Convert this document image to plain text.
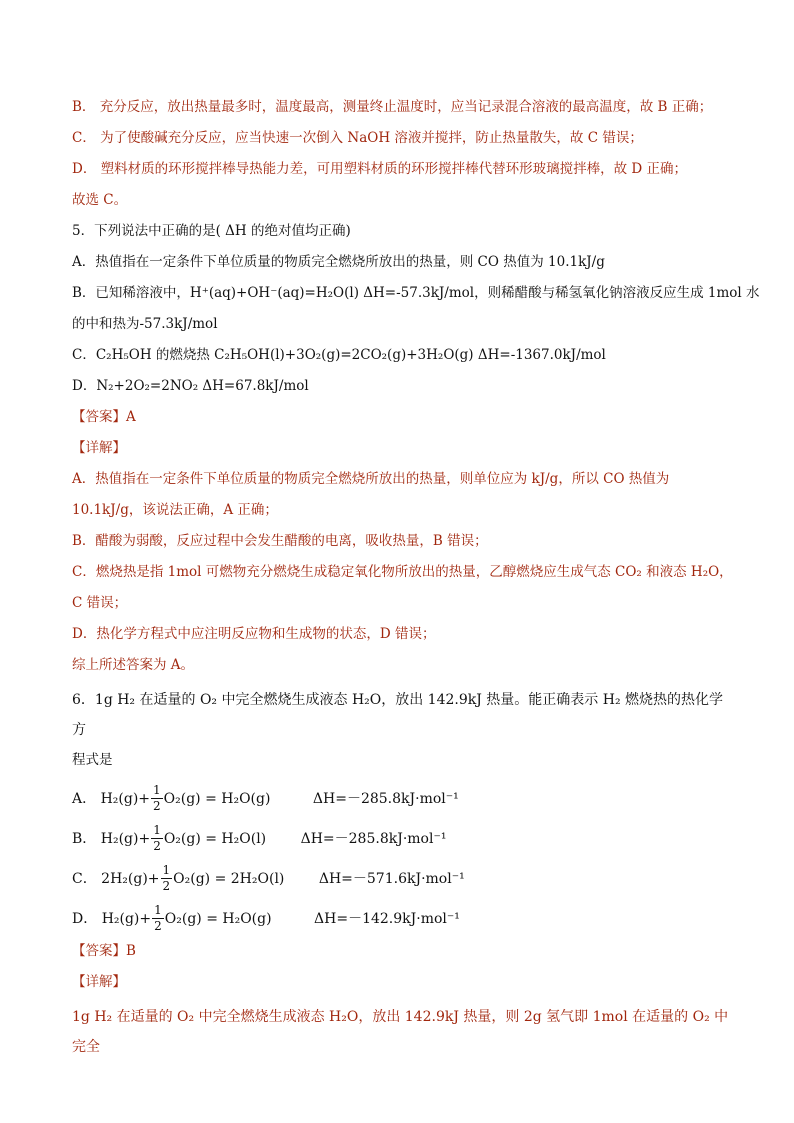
B． 充分反应，放出热量最多时，温度最高，测量终止温度时，应当记录混合溶液的最高温度，故 B 正确；

C． 为了使酸碱充分反应，应当快速一次倒入 NaOH 溶液并搅拌，防止热量散失，故 C 错误；

D． 塑料材质的环形搅拌棒导热能力差，可用塑料材质的环形搅拌棒代替环形玻璃搅拌棒，故 D 正确；

故选 C。

5．下列说法中正确的是( ΔH 的绝对值均正确)

A．热值指在一定条件下单位质量的物质完全燃烧所放出的热量，则 CO 热值为 10.1kJ/g

B．已知稀溶液中，H⁺(aq)+OH⁻(aq)=H₂O(l) ΔH=-57.3kJ/mol，则稀醋酸与稀氢氧化钠溶液反应生成 1mol 水

的中和热为-57.3kJ/mol

C．C₂H₅OH 的燃烧热 C₂H₅OH(l)+3O₂(g)=2CO₂(g)+3H₂O(g) ΔH=-1367.0kJ/mol

D．N₂+2O₂=2NO₂ ΔH=67.8kJ/mol

【答案】A

【详解】

A．热值指在一定条件下单位质量的物质完全燃烧所放出的热量，则单位应为 kJ/g，所以 CO 热值为

10.1kJ/g，该说法正确，A 正确；

B．醋酸为弱酸，反应过程中会发生醋酸的电离，吸收热量，B 错误；

C．燃烧热是指 1mol 可燃物充分燃烧生成稳定氧化物所放出的热量，乙醇燃烧应生成气态 CO₂ 和液态 H₂O，

C 错误；

D．热化学方程式中应注明反应物和生成物的状态，D 错误；

综上所述答案为 A。

6．1g H₂ 在适量的 O₂ 中完全燃烧生成液态 H₂O，放出 142.9kJ 热量。能正确表示 H₂ 燃烧热的热化学方

程式是

A． $H_2(g)+ \frac{1}{2} O_2(g) = H_2O(g)$	ΔH=－285.8kJ·mol⁻¹
B． $H_2(g)+ \frac{1}{2} O_2(g) = H_2O(l)$ ΔH=－285.8kJ·mol⁻¹
C． $2H_2(g)+ \frac{1}{2} O_2(g) = 2H_2O(l)$ ΔH=－571.6kJ·mol⁻¹
D． $H_2(g)+ \frac{1}{2} O_2(g) = H_2O(g)$	ΔH=－142.9kJ·mol⁻¹

【答案】B

【详解】

1g H₂ 在适量的 O₂ 中完全燃烧生成液态 H₂O，放出 142.9kJ 热量，则 2g 氢气即 1mol 在适量的 O₂ 中完全
